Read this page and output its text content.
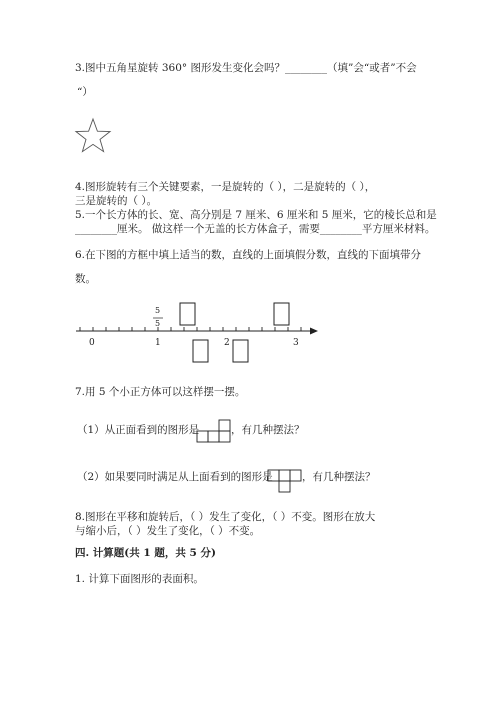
3.图中五角星旋转 360° 图形发生变化会吗？________（填”会“或者”不会
“）
4.图形旋转有三个关键要素，一是旋转的（ ），二是旋转的（ ），
三是旋转的（ ）。
5.一个长方体的长、宽、高分别是 7 厘米、6 厘米和 5 厘米，它的棱长总和是
________厘米。 做这样一个无盖的长方体盒子，需要________平方厘米材料。
6.在下图的方框中填上适当的数，直线的上面填假分数，直线的下面填带分
数。
5
5
0	1	2	3
7.用 5 个小正方体可以这样摆一摆。
（1）从正面看到的图形是	，有几种摆法？
（2）如果要同时满足从上面看到的图形是	，有几种摆法？
8.图形在平移和旋转后，（ ）发生了变化，（ ）不变。图形在放大
与缩小后，（ ）发生了变化，（ ）不变。
四. 计算题(共 1 题，共 5 分)
1. 计算下面图形的表面积。
